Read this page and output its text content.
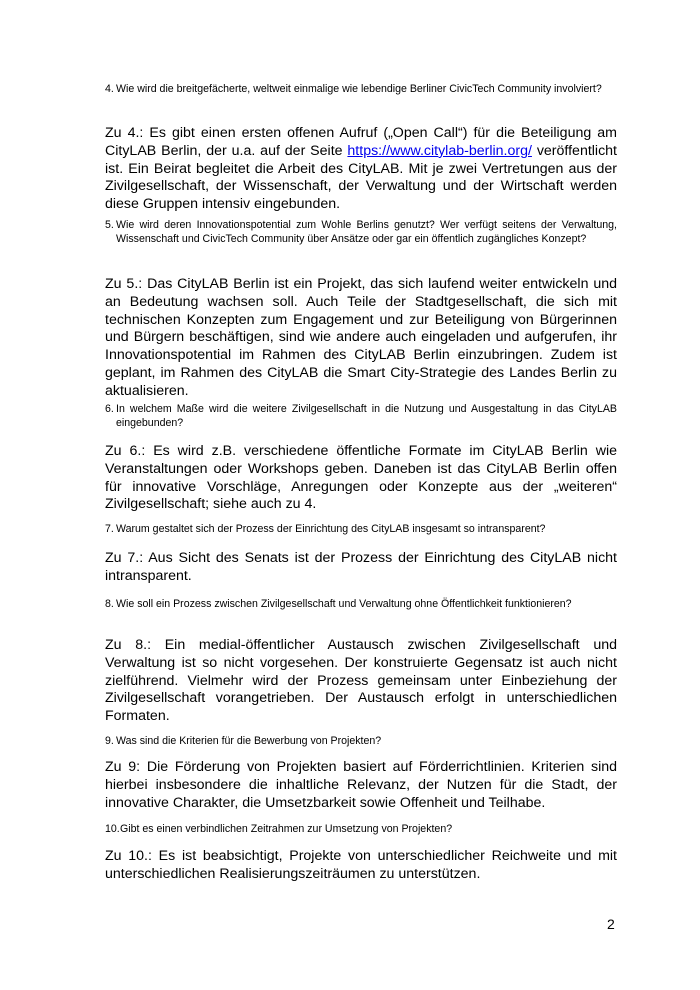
4. Wie wird die breitgefächerte, weltweit einmalige wie lebendige Berliner CivicTech Community involviert?
Zu 4.: Es gibt einen ersten offenen Aufruf („Open Call“) für die Beteiligung am CityLAB Berlin, der u.a. auf der Seite https://www.citylab-berlin.org/ veröffentlicht ist. Ein Beirat begleitet die Arbeit des CityLAB. Mit je zwei Vertretungen aus der Zivilgesellschaft, der Wissenschaft, der Verwaltung und der Wirtschaft werden diese Gruppen intensiv eingebunden.
5. Wie wird deren Innovationspotential zum Wohle Berlins genutzt? Wer verfügt seitens der Verwaltung, Wissenschaft und CivicTech Community über Ansätze oder gar ein öffentlich zugängliches Konzept?
Zu 5.: Das CityLAB Berlin ist ein Projekt, das sich laufend weiter entwickeln und an Bedeutung wachsen soll. Auch Teile der Stadtgesellschaft, die sich mit technischen Konzepten zum Engagement und zur Beteiligung von Bürgerinnen und Bürgern beschäftigen, sind wie andere auch eingeladen und aufgerufen, ihr Innovationspotential im Rahmen des CityLAB Berlin einzubringen. Zudem ist geplant, im Rahmen des CityLAB die Smart City-Strategie des Landes Berlin zu aktualisieren.
6. In welchem Maße wird die weitere Zivilgesellschaft in die Nutzung und Ausgestaltung in das CityLAB eingebunden?
Zu 6.: Es wird z.B. verschiedene öffentliche Formate im CityLAB Berlin wie Veranstaltungen oder Workshops geben. Daneben ist das CityLAB Berlin offen für innovative Vorschläge, Anregungen oder Konzepte aus der „weiteren“ Zivilgesellschaft; siehe auch zu 4.
7. Warum gestaltet sich der Prozess der Einrichtung des CityLAB insgesamt so intransparent?
Zu 7.: Aus Sicht des Senats ist der Prozess der Einrichtung des CityLAB nicht intransparent.
8. Wie soll ein Prozess zwischen Zivilgesellschaft und Verwaltung ohne Öffentlichkeit funktionieren?
Zu 8.: Ein medial-öffentlicher Austausch zwischen Zivilgesellschaft und Verwaltung ist so nicht vorgesehen. Der konstruierte Gegensatz ist auch nicht zielführend. Vielmehr wird der Prozess gemeinsam unter Einbeziehung der Zivilgesellschaft vorangetrieben. Der Austausch erfolgt in unterschiedlichen Formaten.
9. Was sind die Kriterien für die Bewerbung von Projekten?
Zu 9: Die Förderung von Projekten basiert auf Förderrichtlinien. Kriterien sind hierbei insbesondere die inhaltliche Relevanz, der Nutzen für die Stadt, der innovative Charakter, die Umsetzbarkeit sowie Offenheit und Teilhabe.
10. Gibt es einen verbindlichen Zeitrahmen zur Umsetzung von Projekten?
Zu 10.: Es ist beabsichtigt, Projekte von unterschiedlicher Reichweite und mit unterschiedlichen Realisierungszeiträumen zu unterstützen.
2
